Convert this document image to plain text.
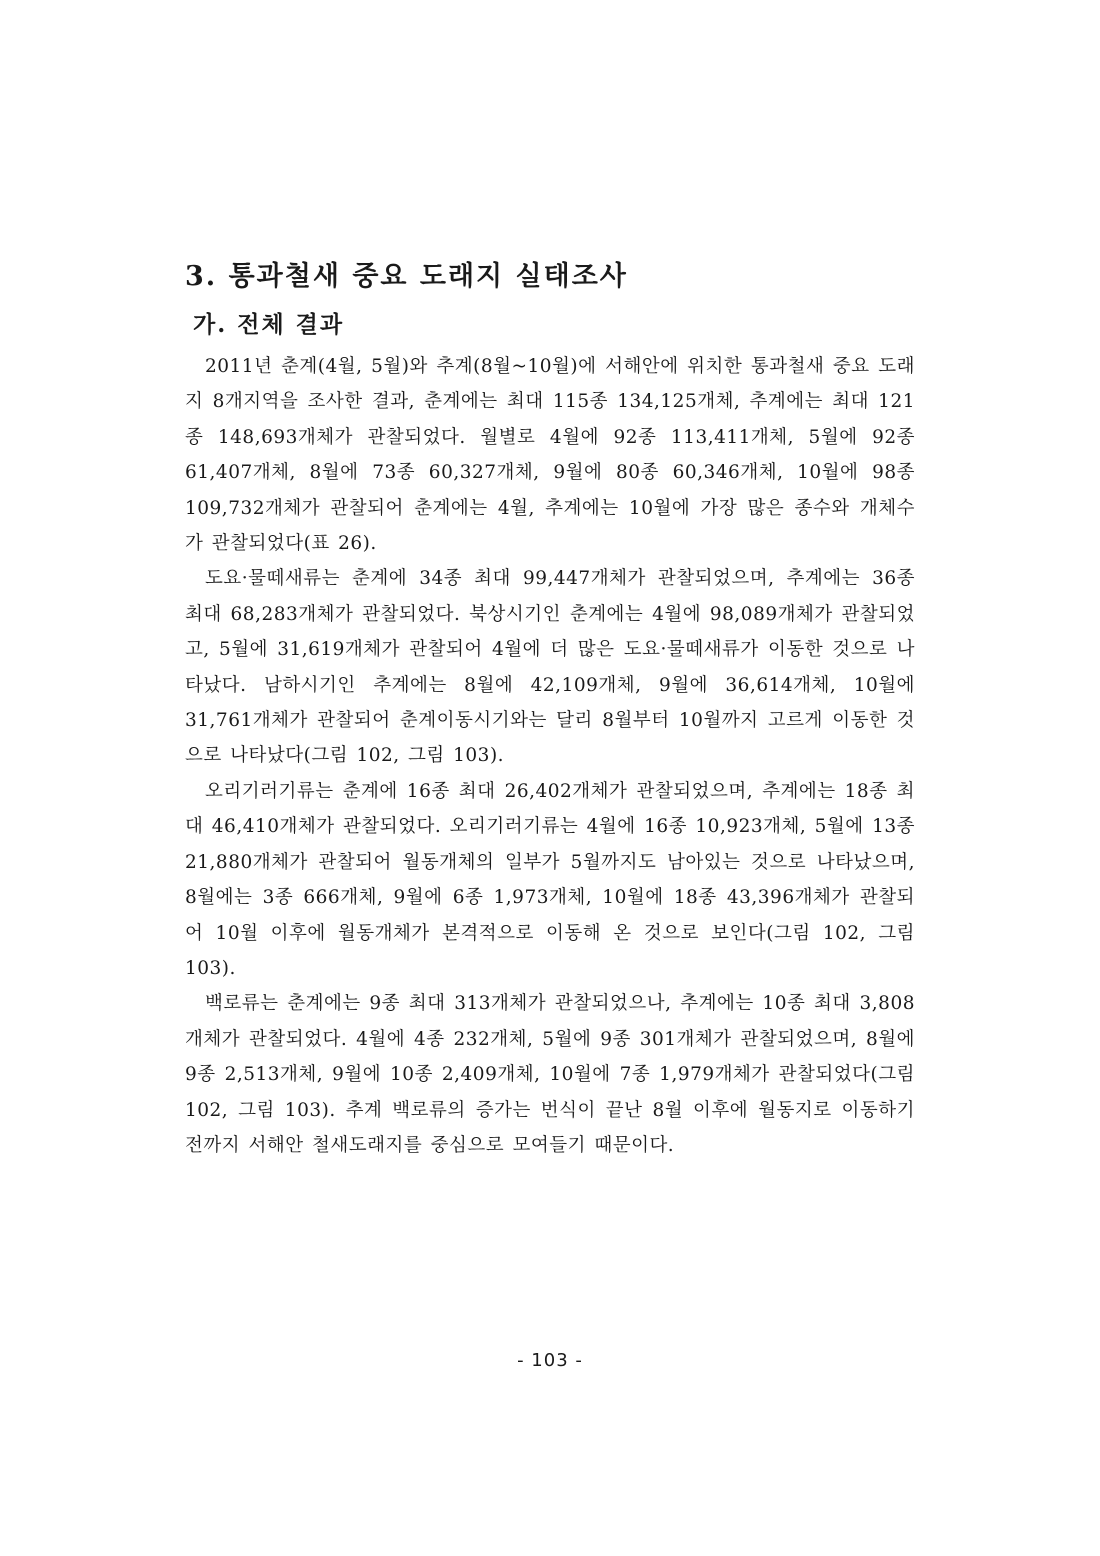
3. 통과철새 중요 도래지 실태조사
가. 전체 결과

2011년 춘계(4월, 5월)와 추계(8월~10월)에 서해안에 위치한 통과철새 중요 도래지 8개지역을 조사한 결과, 춘계에는 최대 115종 134,125개체, 추계에는 최대 121종 148,693개체가 관찰되었다. 월별로 4월에 92종 113,411개체, 5월에 92종 61,407개체, 8월에 73종 60,327개체, 9월에 80종 60,346개체, 10월에 98종 109,732개체가 관찰되어 춘계에는 4월, 추계에는 10월에 가장 많은 종수와 개체수가 관찰되었다(표 26).

도요·물떼새류는 춘계에 34종 최대 99,447개체가 관찰되었으며, 추계에는 36종 최대 68,283개체가 관찰되었다. 북상시기인 춘계에는 4월에 98,089개체가 관찰되었고, 5월에 31,619개체가 관찰되어 4월에 더 많은 도요·물떼새류가 이동한 것으로 나타났다. 남하시기인 추계에는 8월에 42,109개체, 9월에 36,614개체, 10월에 31,761개체가 관찰되어 춘계이동시기와는 달리 8월부터 10월까지 고르게 이동한 것으로 나타났다(그림 102, 그림 103).

오리기러기류는 춘계에 16종 최대 26,402개체가 관찰되었으며, 추계에는 18종 최대 46,410개체가 관찰되었다. 오리기러기류는 4월에 16종 10,923개체, 5월에 13종 21,880개체가 관찰되어 월동개체의 일부가 5월까지도 남아있는 것으로 나타났으며, 8월에는 3종 666개체, 9월에 6종 1,973개체, 10월에 18종 43,396개체가 관찰되어 10월 이후에 월동개체가 본격적으로 이동해 온 것으로 보인다(그림 102, 그림 103).

백로류는 춘계에는 9종 최대 313개체가 관찰되었으나, 추계에는 10종 최대 3,808개체가 관찰되었다. 4월에 4종 232개체, 5월에 9종 301개체가 관찰되었으며, 8월에 9종 2,513개체, 9월에 10종 2,409개체, 10월에 7종 1,979개체가 관찰되었다(그림 102, 그림 103). 추계 백로류의 증가는 번식이 끝난 8월 이후에 월동지로 이동하기 전까지 서해안 철새도래지를 중심으로 모여들기 때문이다.

- 103 -
